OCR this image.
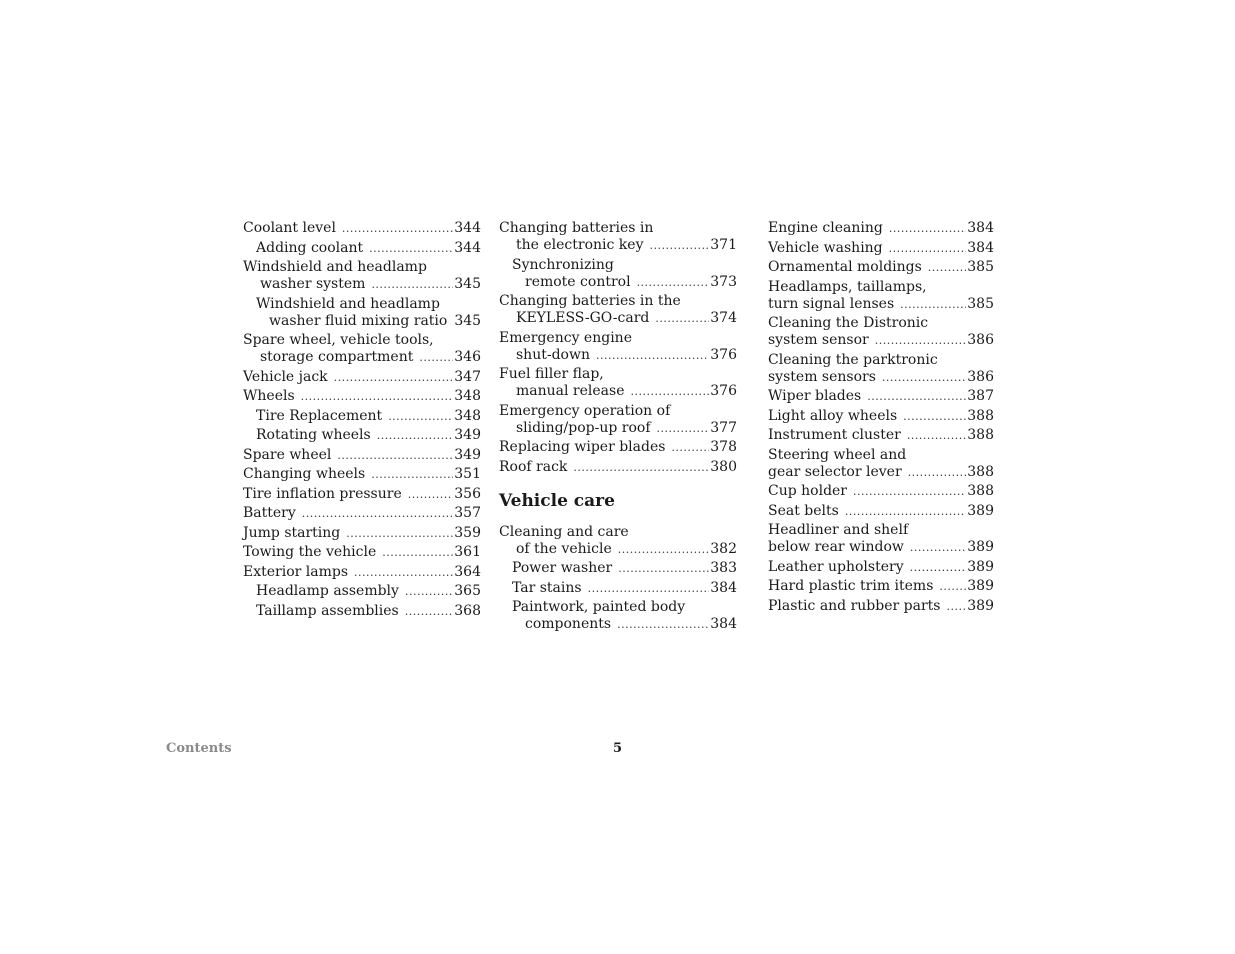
Coolant level .....	344
Adding coolant .....	344
Windshield and headlamp
washer system .....	345
Windshield and headlamp
washer fluid mixing ratio 345
Spare wheel, vehicle tools,
storage compartment .....	346
Vehicle jack .....	347
Wheels .....	348
Tire Replacement .....	348
Rotating wheels .....	349
Spare wheel .....	349
Changing wheels .....	351
Tire inflation pressure .....	356
Battery .....	357
Jump starting .....	359
Towing the vehicle .....	361
Exterior lamps .....	364
Headlamp assembly .....	365
Taillamp assemblies .....	368
Changing batteries in
the electronic key .....	371
Synchronizing
remote control .....	373
Changing batteries in the
KEYLESS-GO-card .....	374
Emergency engine
shut-down .....	376
Fuel filler flap,
manual release .....	376
Emergency operation of
sliding/pop-up roof .....	377
Replacing wiper blades .....	378
Roof rack .....	380
Vehicle care
Cleaning and care
of the vehicle .....	382
Power washer .....	383
Tar stains .....	384
Paintwork, painted body
components .....	384
Engine cleaning .....	384
Vehicle washing .....	384
Ornamental moldings .....	385
Headlamps, taillamps,
turn signal lenses .....	385
Cleaning the Distronic
system sensor .....	386
Cleaning the parktronic
system sensors .....	386
Wiper blades .....	387
Light alloy wheels .....	388
Instrument cluster .....	388
Steering wheel and
gear selector lever .....	388
Cup holder .....	388
Seat belts .....	389
Headliner and shelf
below rear window .....	389
Leather upholstery .....	389
Hard plastic trim items ..... 389
Plastic and rubber parts ..... 389
Contents	5
